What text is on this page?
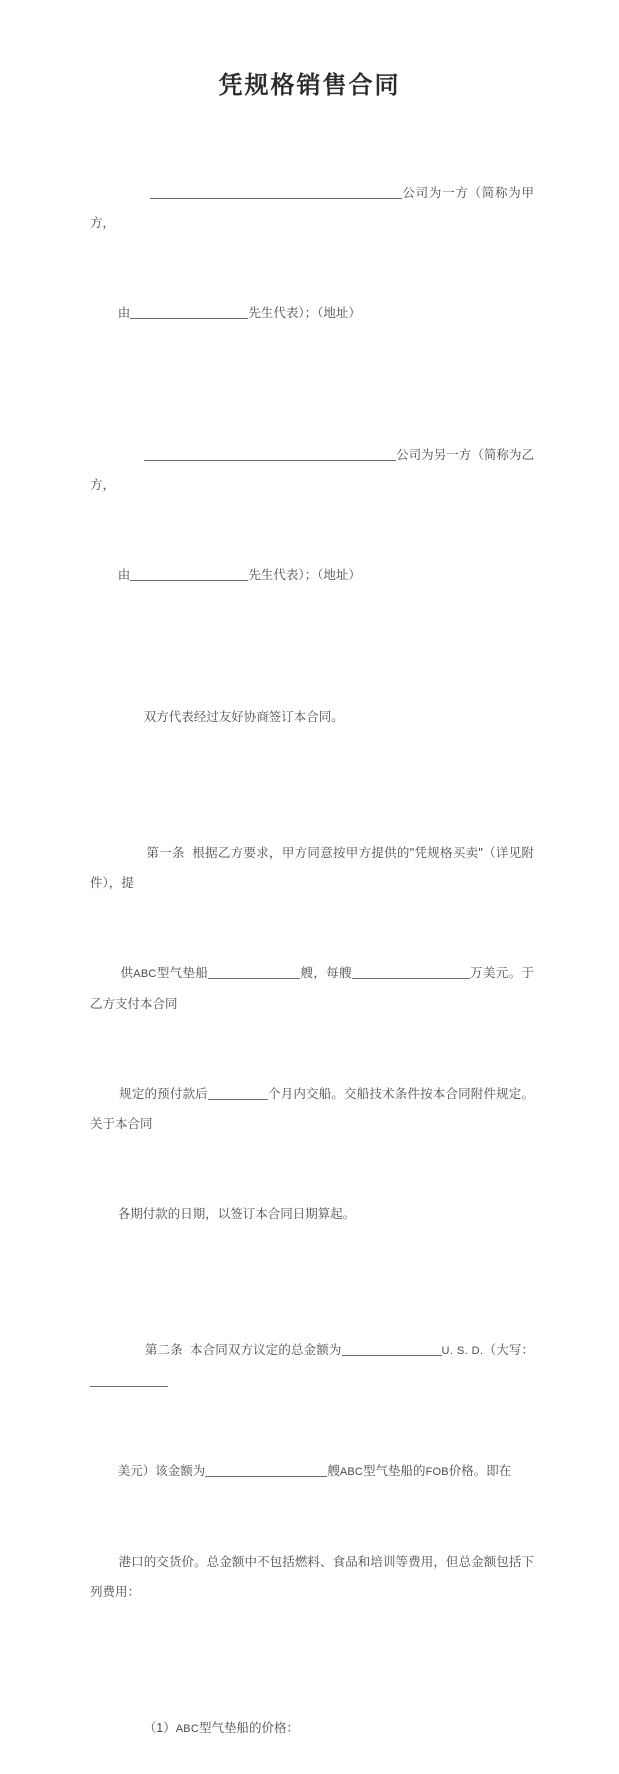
凭规格销售合同

公司为一方（简称为甲方，

由	先生代表）；（地址）

公司为另一方（简称为乙方，

由	先生代表）；（地址）

双方代表经过友好协商签订本合同。

第一条  根据乙方要求，甲方同意按甲方提供的"凭规格买卖"（详见附件），提

供ABC型气垫船	艘，每艘	万美元。于乙方支付本合同

规定的预付款后	个月内交船。交船技术条件按本合同附件规定。关于本合同

各期付款的日期，以签订本合同日期算起。

第二条  本合同双方议定的总金额为	U. S. D.（大写：

美元）该金额为	艘ABC型气垫船的FOB价格。即在

港口的交货价。总金额中不包括燃料、食品和培训等费用，但总金额包括下列费用：

（1）ABC型气垫船的价格：
